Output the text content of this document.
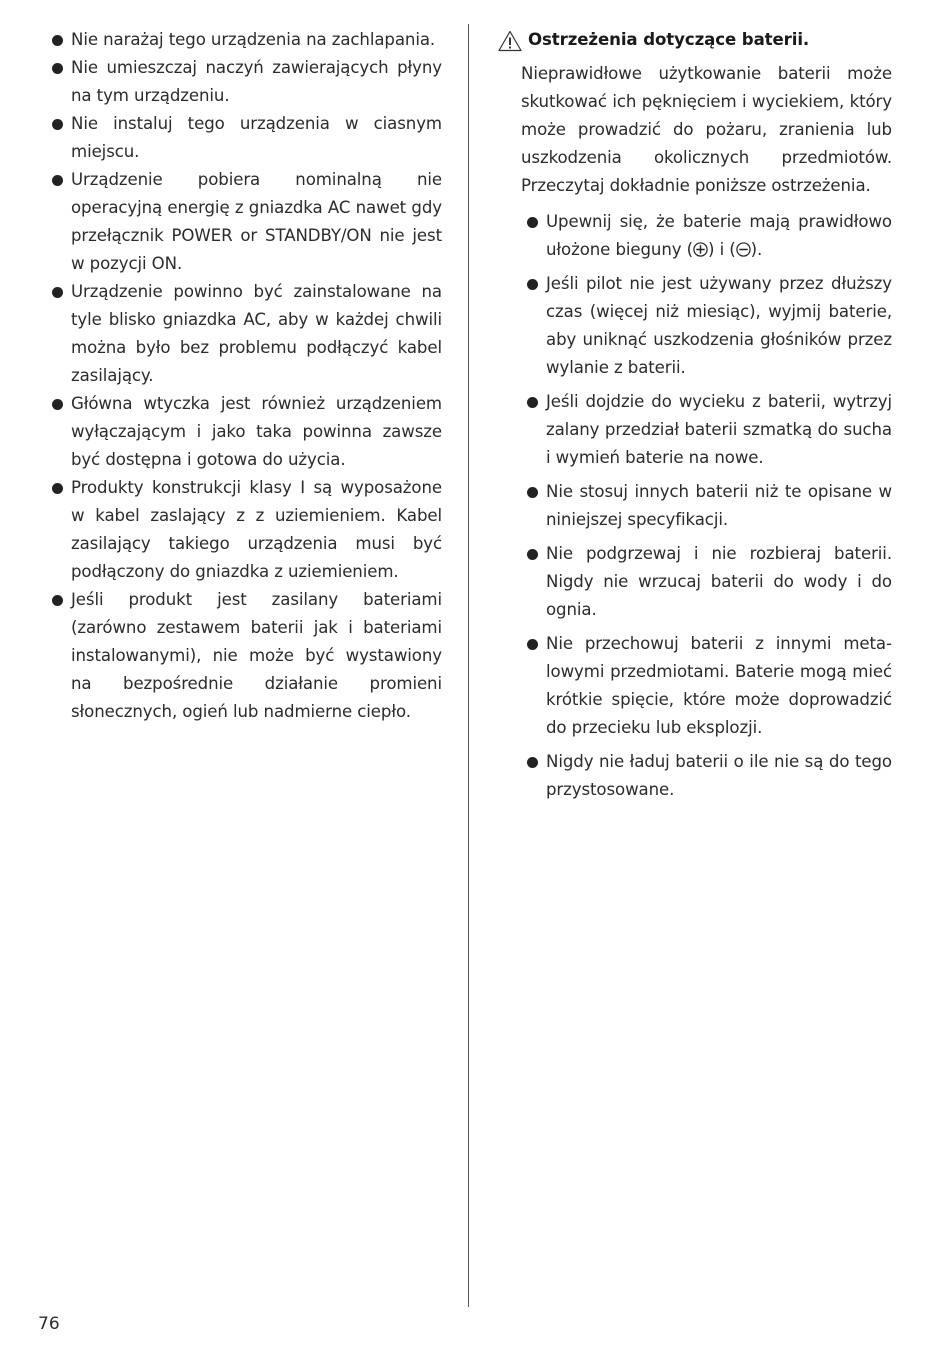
Nie narażaj tego urządzenia na zachlapania.
Nie umieszczaj naczyń zawierających płyny na tym urządzeniu.
Nie instaluj tego urządzenia w ciasnym miejscu.
Urządzenie pobiera nominalną nie operacyjną energię z gniazdka AC nawet gdy przełącznik POWER or STANDBY/ON nie jest w pozycji ON.
Urządzenie powinno być zainstalowane na tyle blisko gniazdka AC, aby w każdej chwili można było bez problemu podłączyć kabel zasilający.
Główna wtyczka jest również urządzeniem wyłączającym i jako taka powinna zawsze być dostępna i gotowa do użycia.
Produkty konstrukcji klasy I są wyposażone w kabel zaslający z z uziemieniem. Kabel zasilający takiego urządzenia musi być podłączony do gniazdka z uziemieniem.
Jeśli produkt jest zasilany bateriami (zarówno zestawem baterii jak i bateriami instalowanymi), nie może być wystawiony na bezpośrednie działanie promieni słonecznych, ogień lub nadmierne ciepło.
Ostrzeżenia dotyczące baterii.
Nieprawidłowe użytkowanie baterii może skutkować ich pęknięciem i wyciekiem, który może prowadzić do pożaru, zranienia lub uszkodzenia okolicznych przedmiotów. Przeczytaj dokładnie poniższe ostrzeżenia.
Upewnij się, że baterie mają prawidłowo ułożone bieguny ( ) i ( ).
Jeśli pilot nie jest używany przez dłuższy czas (więcej niż miesiąc), wyjmij baterie, aby uniknąć uszkodzenia głośników przez wylanie z baterii.
Jeśli dojdzie do wycieku z baterii, wytrzyj zalany przedział baterii szmatką do sucha i wymień baterie na nowe.
Nie stosuj innych baterii niż te opisane w niniejszej specyfikacji.
Nie podgrzewaj i nie rozbieraj baterii. Nigdy nie wrzucaj baterii do wody i do ognia.
Nie przechowuj baterii z innymi metalowymi przedmiotami. Baterie mogą mieć krótkie spięcie, które może doprowadzić do przecieku lub eksplozji.
Nigdy nie ładuj baterii o ile nie są do tego przystosowane.
76
